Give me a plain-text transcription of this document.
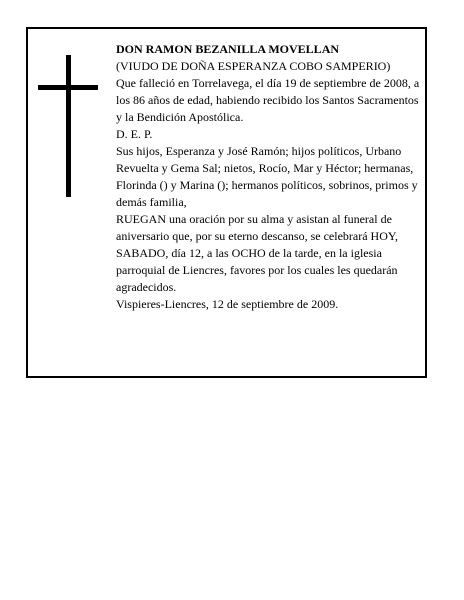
DON RAMON BEZANILLA MOVELLAN

(VIUDO DE DOÑA ESPERANZA COBO SAMPERIO)

Que falleció en Torrelavega, el día 19 de septiembre de 2008, a los 86 años de edad, habiendo recibido los Santos Sacramentos y la Bendición Apostólica.

D. E. P.

Sus hijos, Esperanza y José Ramón; hijos políticos, Urbano Revuelta y Gema Sal; nietos, Rocío, Mar y Héctor; hermanas, Florinda () y Marina (); hermanos políticos, sobrinos, primos y demás familia,

RUEGAN una oración por su alma y asistan al funeral de aniversario que, por su eterno descanso, se celebrará HOY, SABADO, día 12, a las OCHO de la tarde, en la iglesia parroquial de Liencres, favores por los cuales les quedarán agradecidos.

Vispieres-Liencres, 12 de septiembre de 2009.
